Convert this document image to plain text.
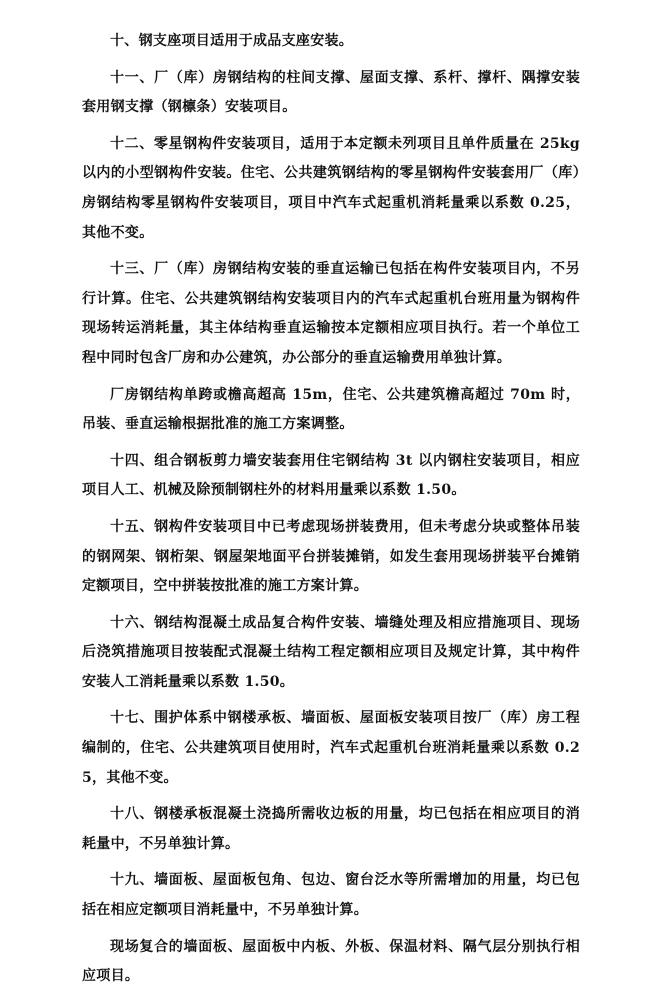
十、钢支座项目适用于成品支座安装。

十一、厂（库）房钢结构的柱间支撑、屋面支撑、系杆、撑杆、隅撑安装套用钢支撑（钢檩条）安装项目。

十二、零星钢构件安装项目，适用于本定额未列项目且单件质量在 25kg 以内的小型钢构件安装。住宅、公共建筑钢结构的零星钢构件安装套用厂（库）房钢结构零星钢构件安装项目，项目中汽车式起重机消耗量乘以系数 0.25，其他不变。

十三、厂（库）房钢结构安装的垂直运输已包括在构件安装项目内，不另行计算。住宅、公共建筑钢结构安装项目内的汽车式起重机台班用量为钢构件现场转运消耗量，其主体结构垂直运输按本定额相应项目执行。若一个单位工程中同时包含厂房和办公建筑，办公部分的垂直运输费用单独计算。

厂房钢结构单跨或檐高超高 15m，住宅、公共建筑檐高超过 70m 时，吊装、垂直运输根据批准的施工方案调整。

十四、组合钢板剪力墙安装套用住宅钢结构 3t 以内钢柱安装项目，相应项目人工、机械及除预制钢柱外的材料用量乘以系数 1.50。

十五、钢构件安装项目中已考虑现场拼装费用，但未考虑分块或整体吊装的钢网架、钢桁架、钢屋架地面平台拼装摊销，如发生套用现场拼装平台摊销定额项目，空中拼装按批准的施工方案计算。

十六、钢结构混凝土成品复合构件安装、墙缝处理及相应措施项目、现场后浇筑措施项目按装配式混凝土结构工程定额相应项目及规定计算，其中构件安装人工消耗量乘以系数 1.50。

十七、围护体系中钢楼承板、墙面板、屋面板安装项目按厂（库）房工程编制的，住宅、公共建筑项目使用时，汽车式起重机台班消耗量乘以系数 0.25，其他不变。

十八、钢楼承板混凝土浇捣所需收边板的用量，均已包括在相应项目的消耗量中，不另单独计算。

十九、墙面板、屋面板包角、包边、窗台泛水等所需增加的用量，均已包括在相应定额项目消耗量中，不另单独计算。

现场复合的墙面板、屋面板中内板、外板、保温材料、隔气层分别执行相应项目。
